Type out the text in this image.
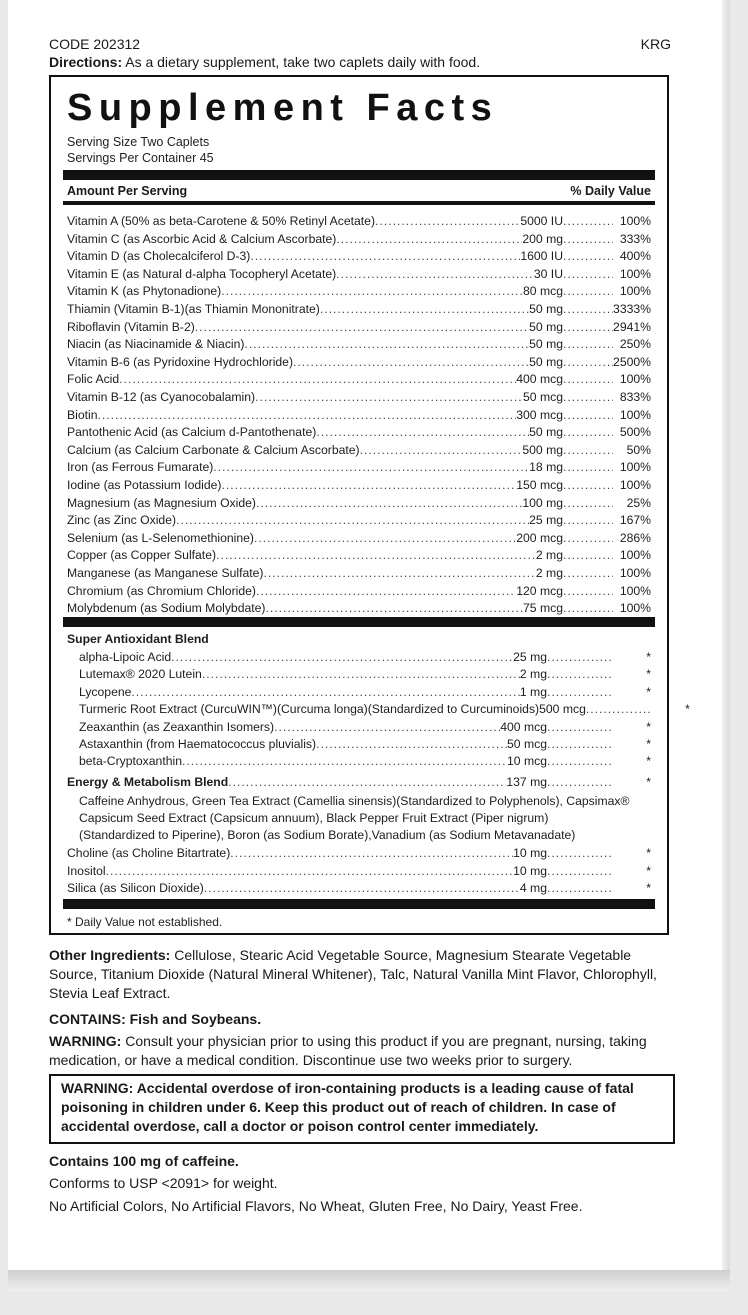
CODE 202312	KRG
Directions: As a dietary supplement, take two caplets daily with food.
Supplement Facts
Serving Size Two Caplets
Servings Per Container 45
Amount Per Serving	% Daily Value
Vitamin A (50% as beta-Carotene & 50% Retinyl Acetate) .....	5000 IU .....	100%
Vitamin C (as Ascorbic Acid & Calcium Ascorbate) .....	200 mg .....	333%
Vitamin D (as Cholecalciferol D-3) .....	1600 IU .....	400%
Vitamin E (as Natural d-alpha Tocopheryl Acetate) .....	30 IU .....	100%
Vitamin K (as Phytonadione) .....	80 mcg .....	100%
Thiamin (Vitamin B-1)(as Thiamin Mononitrate) .....	50 mg .....	3333%
Riboflavin (Vitamin B-2) .....	50 mg .....	2941%
Niacin (as Niacinamide & Niacin) .....	50 mg .....	250%
Vitamin B-6 (as Pyridoxine Hydrochloride) .....	50 mg .....	2500%
Folic Acid .....	400 mcg .....	100%
Vitamin B-12 (as Cyanocobalamin) .....	50 mcg .....	833%
Biotin .....	300 mcg .....	100%
Pantothenic Acid (as Calcium d-Pantothenate) .....	50 mg .....	500%
Calcium (as Calcium Carbonate & Calcium Ascorbate) .....	500 mg .....	50%
Iron (as Ferrous Fumarate) .....	18 mg .....	100%
Iodine (as Potassium Iodide) .....	150 mcg .....	100%
Magnesium (as Magnesium Oxide) .....	100 mg .....	25%
Zinc (as Zinc Oxide) .....	25 mg .....	167%
Selenium (as L-Selenomethionine) .....	200 mcg .....	286%
Copper (as Copper Sulfate) .....	2 mg .....	100%
Manganese (as Manganese Sulfate) .....	2 mg .....	100%
Chromium (as Chromium Chloride) .....	120 mcg .....	100%
Molybdenum (as Sodium Molybdate) .....	75 mcg .....	100%
Super Antioxidant Blend
alpha-Lipoic Acid .....	25 mg .....	*
Lutemax® 2020 Lutein .....	2 mg .....	*
Lycopene .....	1 mg .....	*
Turmeric Root Extract (CurcuWIN™)(Curcuma longa)(Standardized to Curcuminoids) 500 mcg .....	*
Zeaxanthin (as Zeaxanthin Isomers) .....	400 mcg .....	*
Astaxanthin (from Haematococcus pluvialis) .....	50 mcg .....	*
beta-Cryptoxanthin .....	10 mcg .....	*
Energy & Metabolism Blend .....	137 mg .....	*
Caffeine Anhydrous, Green Tea Extract (Camellia sinensis)(Standardized to Polyphenols), Capsimax®
Capsicum Seed Extract (Capsicum annuum), Black Pepper Fruit Extract (Piper nigrum)
(Standardized to Piperine), Boron (as Sodium Borate),Vanadium (as Sodium Metavanadate)
Choline (as Choline Bitartrate) .....	10 mg .....	*
Inositol .....	10 mg .....	*
Silica (as Silicon Dioxide) .....	4 mg .....	*
* Daily Value not established.
Other Ingredients: Cellulose, Stearic Acid Vegetable Source, Magnesium Stearate Vegetable Source, Titanium Dioxide (Natural Mineral Whitener), Talc, Natural Vanilla Mint Flavor, Chlorophyll, Stevia Leaf Extract.
CONTAINS: Fish and Soybeans.
WARNING: Consult your physician prior to using this product if you are pregnant, nursing, taking medication, or have a medical condition. Discontinue use two weeks prior to surgery.
WARNING: Accidental overdose of iron-containing products is a leading cause of fatal poisoning in children under 6. Keep this product out of reach of children. In case of accidental overdose, call a doctor or poison control center immediately.
Contains 100 mg of caffeine.
Conforms to USP <2091> for weight.
No Artificial Colors, No Artificial Flavors, No Wheat, Gluten Free, No Dairy, Yeast Free.
